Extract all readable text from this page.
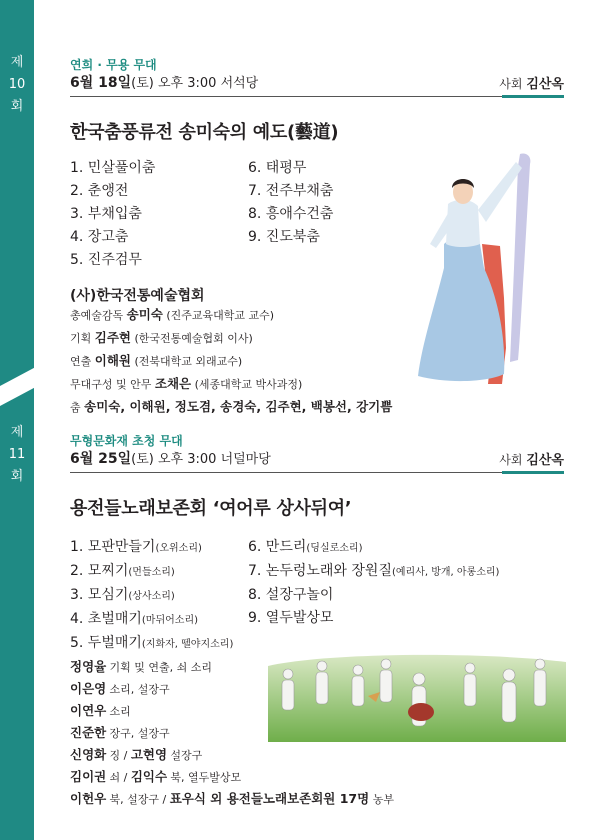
제
10
회
제
11
회
연희 · 무용 무대
6월 18일(토) 오후 3:00 서석당	사회 김산옥
한국춤풍류전 송미숙의 예도(藝道)
1. 민살풀이춤
2. 춘앵전
3. 부채입춤
4. 장고춤
5. 진주검무
6. 태평무
7. 전주부채춤
8. 흥애수건춤
9. 진도북춤
(사)한국전통예술협회
총예술감독 송미숙 (진주교육대학교 교수)
기획 김주현 (한국전통예술협회 이사)
연출 이해원 (전북대학교 외래교수)
무대구성 및 안무 조채은 (세종대학교 박사과정)
춤 송미숙, 이해원, 정도겸, 송경숙, 김주현, 백봉선, 강기쁨
무형문화재 초청 무대
6월 25일(토) 오후 3:00 너덜마당	사회 김산옥
용전들노래보존회 ‘여어루 상사뒤여’
1. 모판만들기(오위소리)
2. 모찌기(먼들소리)
3. 모심기(상사소리)
4. 초벌매기(마뒤어소리)
5. 두벌매기(지화자, 뗄야지소리)
6. 만드리(딩실로소리)
7. 논두렁노래와 장원질(예리사, 방개, 아롱소리)
8. 설장구놀이
9. 열두발상모
정영율 기획 및 연출, 쇠 소리
이은영 소리, 설장구
이연우 소리
진준한 장구, 설장구
신영화 징 / 고현영 설장구
김이권 쇠 / 김익수 북, 열두발상모
이헌우 북, 설장구 / 표우식 외 용전들노래보존회원 17명 농부
